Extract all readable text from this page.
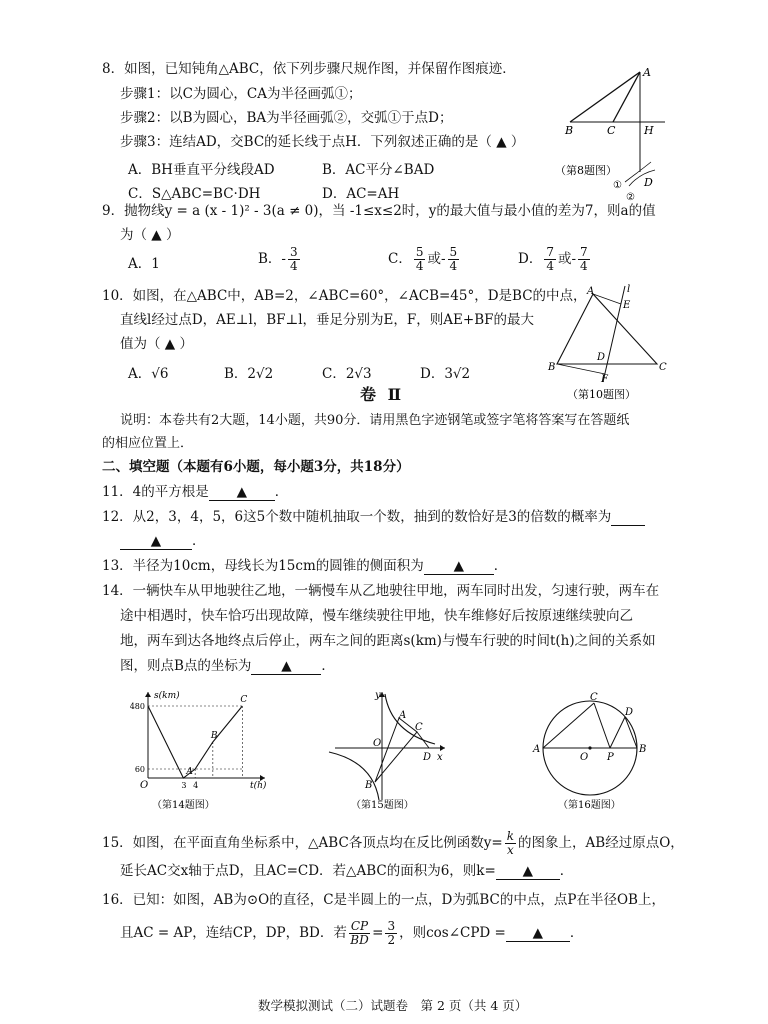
8．如图，已知钝角△ABC，依下列步骤尺规作图，并保留作图痕迹．
步骤1：以C为圆心，CA为半径画弧①；
步骤2：以B为圆心，BA为半径画弧②，交弧①于点D；
步骤3：连结AD，交BC的延长线于点H．下列叙述正确的是（ ▲ ）
A．BH垂直平分线段AD	B．AC平分∠BAD
C．S△ABC=BC·DH	D．AC=AH
A
B	C	H
D
①
②
（第8题图）
9．抛物线y = a (x - 1)² - 3(a ≠ 0)，当 -1≤x≤2时，y的最大值与最小值的差为7，则a的值
为（ ▲ ）
A．1	B．- $\frac{3}{4}$	C． $\frac{5}{4}$ 或- $\frac{5}{4}$	D． $\frac{7}{4}$ 或- $\frac{7}{4}$
10．如图，在△ABC中，AB=2，∠ABC=60°，∠ACB=45°，D是BC的中点，
直线l经过点D，AE⊥l，BF⊥l，垂足分别为E，F，则AE+BF的最大
值为（ ▲ ）
A．√6	B．2√2	C．2√3	D．3√2
A	l
E
D
B
F
C
（第10题图）
卷 Ⅱ
说明：本卷共有2大题，14小题，共90分．请用黑色字迹钢笔或签字笔将答案写在答题纸
的相应位置上．
二、填空题（本题有6小题，每小题3分，共18分）
11．4的平方根是 ▲ ．
12．从2，3，4，5，6这5个数中随机抽取一个数，抽到的数恰好是3的倍数的概率为
▲ ．
13．半径为10cm，母线长为15cm的圆锥的侧面积为 ▲ ．
14．一辆快车从甲地驶往乙地，一辆慢车从乙地驶往甲地，两车同时出发，匀速行驶，两车在
途中相遇时，快车恰巧出现故障，慢车继续驶往甲地，快车维修好后按原速继续驶向乙
地，两车到达各地终点后停止，两车之间的距离s(km)与慢车行驶的时间t(h)之间的关系如
图，则点B点的坐标为 ▲ ．
60
480
3 4
A
B
C
O
s(km)
t(h)
（第14题图）
y
A
O
C
D x
B
（第15题图）
C
D
A
O P
B
（第16题图）
15．如图，在平面直角坐标系中，△ABC各顶点均在反比例函数$y= \frac{k}{x}$ 的图象上，AB经过原点O，
延长AC交x轴于点D，且AC=CD．若△ABC的面积为6，则k= ▲ ．
16．已知：如图，AB为⊙O的直径，C是半圆上的一点，D为弧BC的中点，点P在半径OB上，
且AC = AP，连结CP，DP，BD．若 $\frac{CP}{BD} = \frac{3}{2}$ ，则cos∠CPD = ▲ ．
数学模拟测试（二）试题卷　第 2 页（共 4 页）
